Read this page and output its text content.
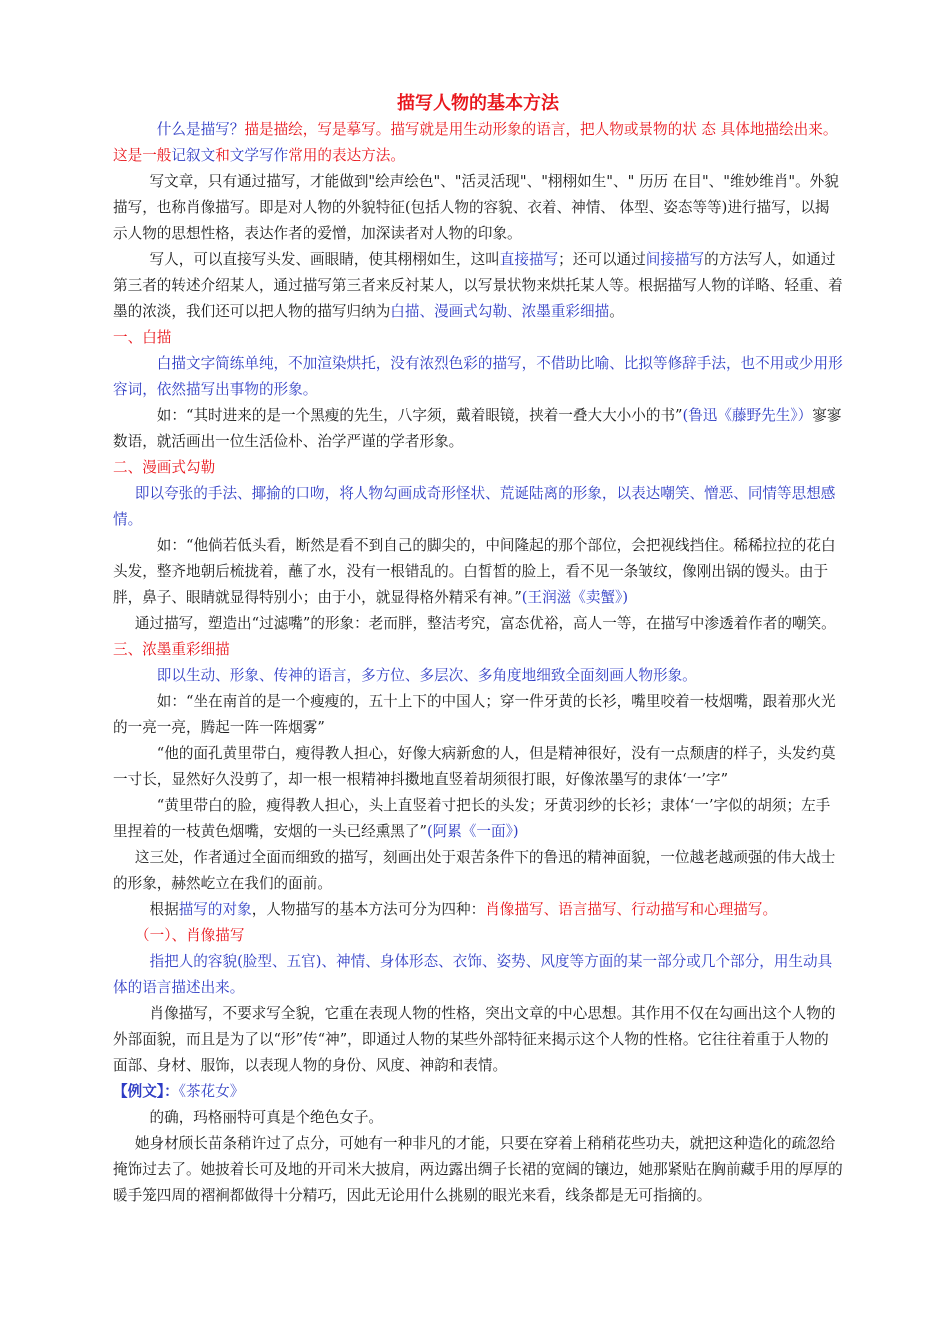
描写人物的基本方法

什么是描写？描是描绘，写是摹写。描写就是用生动形象的语言，把人物或景物的状 态 具体地描绘出来。这是一般记叙文和文学写作常用的表达方法。

写文章，只有通过描写，才能做到"绘声绘色"、"活灵活现"、"栩栩如生"、" 历历 在目"、"维妙维肖"。外貌描写，也称肖像描写。即是对人物的外貌特征(包括人物的容貌、衣着、神情、 体型、姿态等等)进行描写，以揭示人物的思想性格，表达作者的爱憎，加深读者对人物的印象。

写人，可以直接写头发、画眼睛，使其栩栩如生，这叫直接描写；还可以通过间接描写的方法写人，如通过第三者的转述介绍某人，通过描写第三者来反衬某人，以写景状物来烘托某人等。根据描写人物的详略、轻重、着墨的浓淡，我们还可以把人物的描写归纳为白描、漫画式勾勒、浓墨重彩细描。

一、白描

白描文字简练单纯，不加渲染烘托，没有浓烈色彩的描写，不借助比喻、比拟等修辞手法，也不用或少用形容词，依然描写出事物的形象。

如：“其时进来的是一个黑瘦的先生，八字须，戴着眼镜，挟着一叠大大小小的书”(鲁迅《藤野先生》）寥寥数语，就活画出一位生活俭朴、治学严谨的学者形象。

二、漫画式勾勒

即以夸张的手法、揶揄的口吻，将人物勾画成奇形怪状、荒诞陆离的形象，以表达嘲笑、憎恶、同情等思想感情。

如：“他倘若低头看，断然是看不到自己的脚尖的，中间隆起的那个部位，会把视线挡住。稀稀拉拉的花白头发，整齐地朝后梳拢着，蘸了水，没有一根错乱的。白皙皙的脸上，看不见一条皱纹，像刚出锅的馒头。由于胖，鼻子、眼睛就显得特别小；由于小，就显得格外精采有神。”(王润滋《卖蟹》)

通过描写，塑造出“过滤嘴”的形象：老而胖，整洁考究，富态优裕，高人一等，在描写中渗透着作者的嘲笑。

三、浓墨重彩细描

即以生动、形象、传神的语言，多方位、多层次、多角度地细致全面刻画人物形象。

如：“坐在南首的是一个瘦瘦的，五十上下的中国人；穿一件牙黄的长衫，嘴里咬着一枝烟嘴，跟着那火光的一亮一亮，腾起一阵一阵烟雾”

“他的面孔黄里带白，瘦得教人担心，好像大病新愈的人，但是精神很好，没有一点颓唐的样子，头发约莫一寸长，显然好久没剪了，却一根一根精神抖擞地直竖着胡须很打眼，好像浓墨写的隶体‘一’字”

“黄里带白的脸，瘦得教人担心，头上直竖着寸把长的头发；牙黄羽纱的长衫；隶体‘一’字似的胡须；左手里捏着的一枝黄色烟嘴，安烟的一头已经熏黑了”(阿累《一面》)

这三处，作者通过全面而细致的描写，刻画出处于艰苦条件下的鲁迅的精神面貌，一位越老越顽强的伟大战士的形象，赫然屹立在我们的面前。

根据描写的对象，人物描写的基本方法可分为四种：肖像描写、语言描写、行动描写和心理描写。

（一）、肖像描写

指把人的容貌(脸型、五官)、神情、身体形态、衣饰、姿势、风度等方面的某一部分或几个部分，用生动具体的语言描述出来。

肖像描写，不要求写全貌，它重在表现人物的性格，突出文章的中心思想。其作用不仅在勾画出这个人物的外部面貌，而且是为了以“形”传“神”，即通过人物的某些外部特征来揭示这个人物的性格。它往往着重于人物的面部、身材、服饰，以表现人物的身份、风度、神韵和表情。

【例文】：《茶花女》

的确，玛格丽特可真是个绝色女子。

她身材颀长苗条稍许过了点分，可她有一种非凡的才能，只要在穿着上稍稍花些功夫，就把这种造化的疏忽给掩饰过去了。她披着长可及地的开司米大披肩，两边露出绸子长裙的宽阔的镶边，她那紧贴在胸前藏手用的厚厚的暖手笼四周的褶裥都做得十分精巧，因此无论用什么挑剔的眼光来看，线条都是无可指摘的。
